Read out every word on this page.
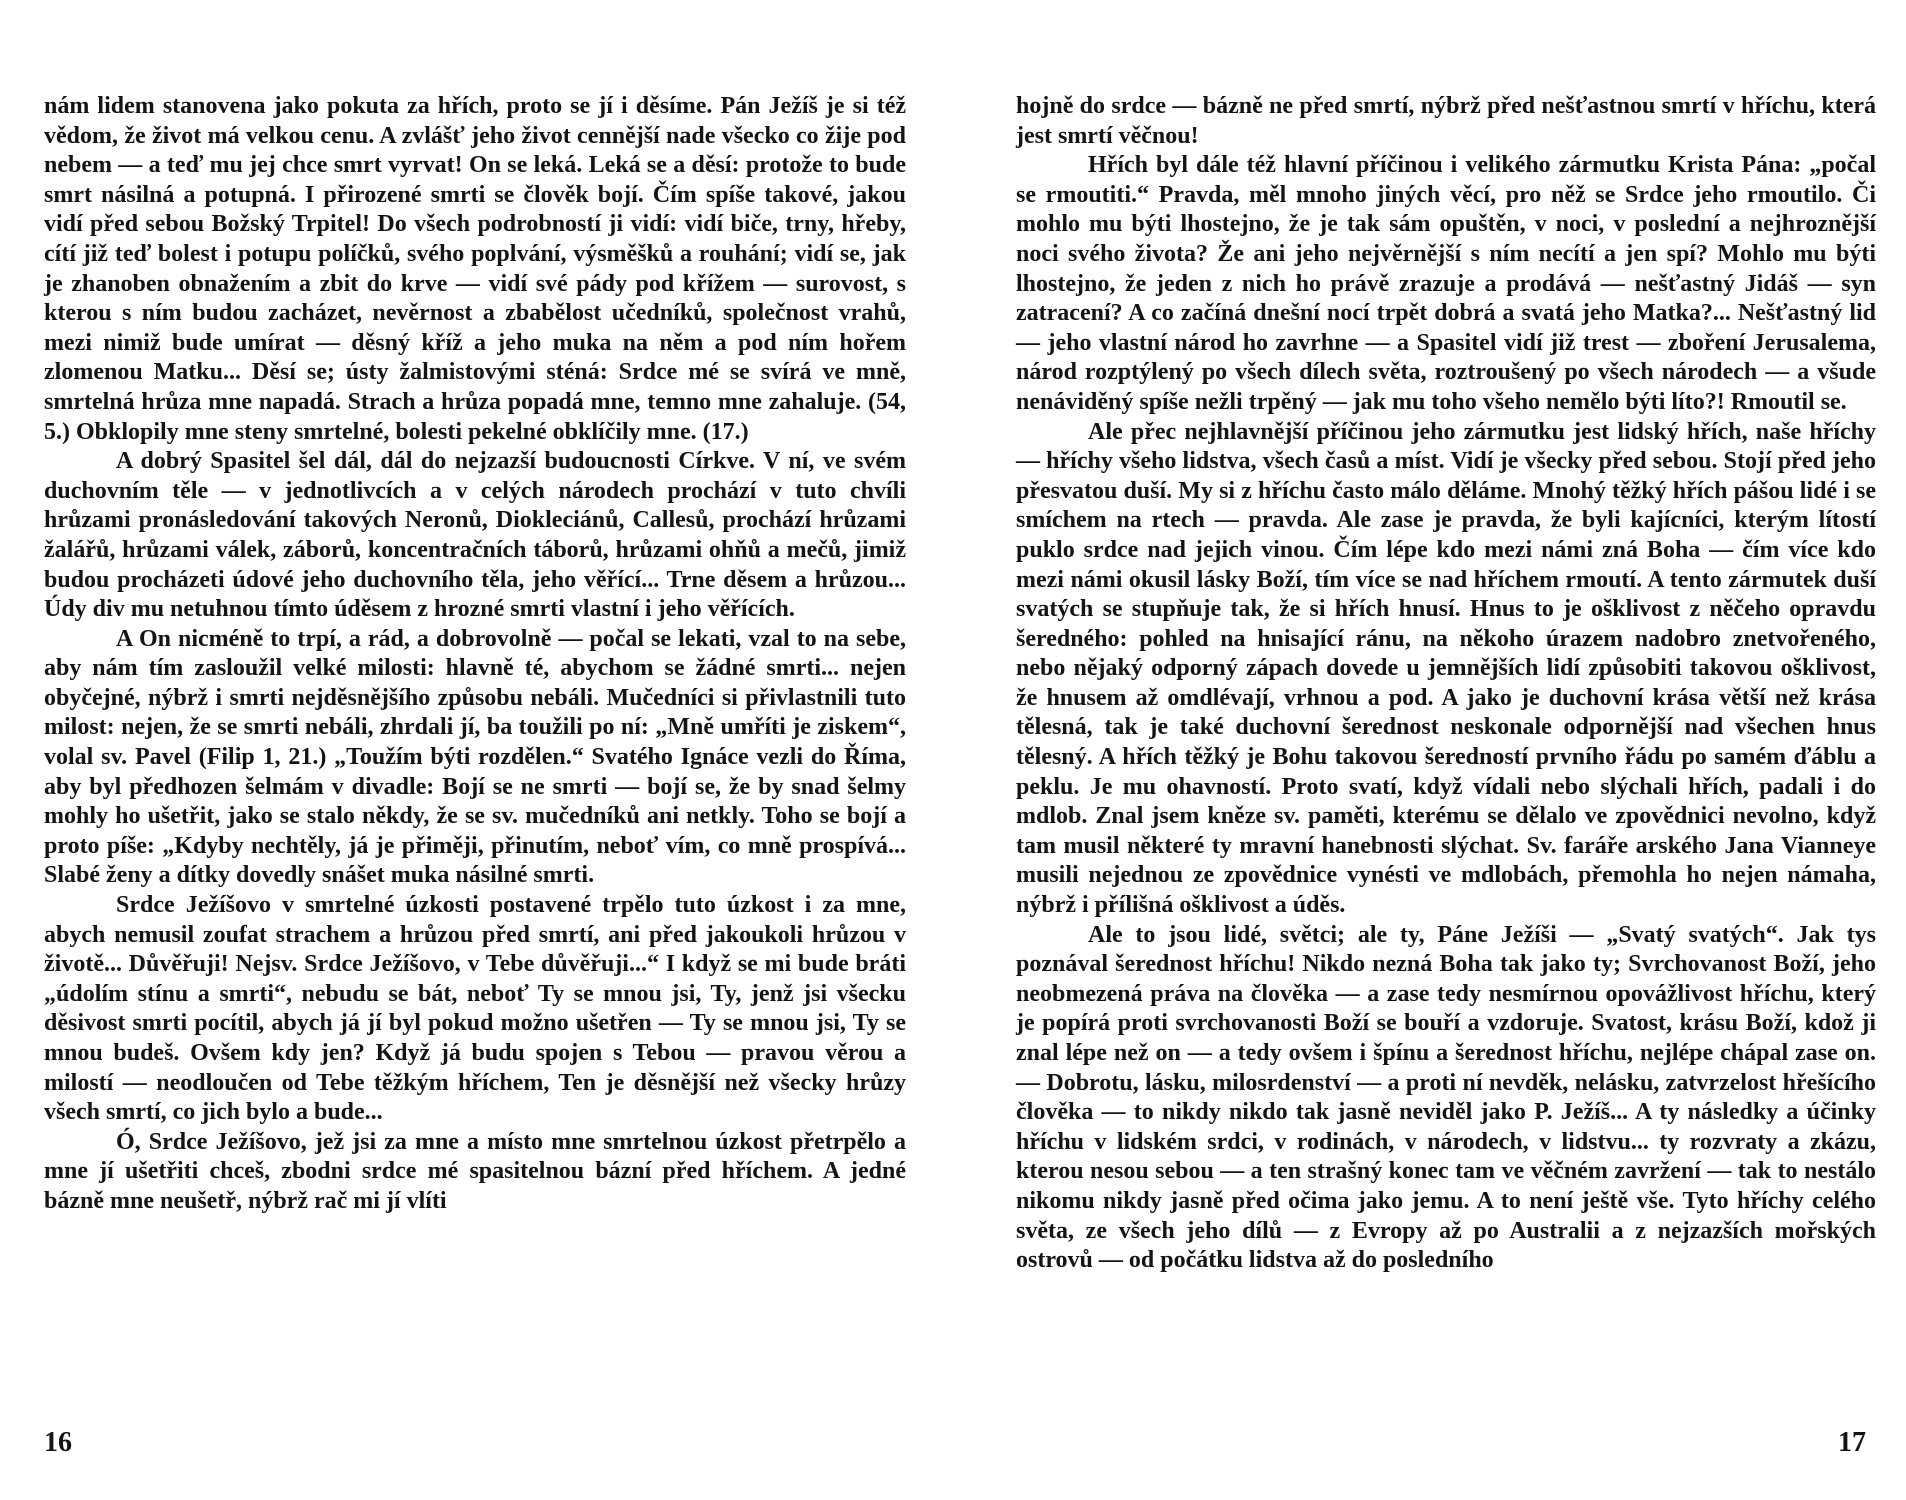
nám lidem stanovena jako pokuta za hřích, proto se jí i děsíme. Pán Ježíš je si též vědom, že život má velkou cenu. A zvlášť jeho život cennější nade všecko co žije pod nebem — a teď mu jej chce smrt vyrvat! On se leká. Leká se a děsí: protože to bude smrt násilná a potupná. I přirozené smrti se člověk bojí. Čím spíše takové, jakou vidí před sebou Božský Trpitel! Do všech podrobností ji vidí: vidí biče, trny, hřeby, cítí již teď bolest i potupu políčků, svého poplvání, výsměšků a rouhání; vidí se, jak je zhanoben obnažením a zbit do krve — vidí své pády pod křížem — surovost, s kterou s ním budou zacházet, nevěrnost a zbabělost učedníků, společnost vrahů, mezi nimiž bude umírat — děsný kříž a jeho muka na něm a pod ním hořem zlomenou Matku... Děsí se; ústy žalmistovými sténá: Srdce mé se svírá ve mně, smrtelná hrůza mne napadá. Strach a hrůza popadá mne, temno mne zahaluje. (54, 5.) Obklopily mne steny smrtelné, bolesti pekelné obklíčily mne. (17.)

A dobrý Spasitel šel dál, dál do nejzazší budoucnosti Církve. V ní, ve svém duchovním těle — v jednotlivcích a v celých národech prochází v tuto chvíli hrůzami pronásledování takových Neronů, Diokleciánů, Callesů, prochází hrůzami žalářů, hrůzami válek, záborů, koncentračních táborů, hrůzami ohňů a mečů, jimiž budou procházeti údové jeho duchovního těla, jeho věřící... Trne děsem a hrůzou... Údy div mu netuhnou tímto úděsem z hrozné smrti vlastní i jeho věřících.

A On nicméně to trpí, a rád, a dobrovolně — počal se lekati, vzal to na sebe, aby nám tím zasloužil velké milosti: hlavně té, abychom se žádné smrti... nejen obyčejné, nýbrž i smrti nejděsnějšího způsobu nebáli. Mučedníci si přivlastnili tuto milost: nejen, že se smrti nebáli, zhrdali jí, ba toužili po ní: „Mně umříti je ziskem“, volal sv. Pavel (Filip 1, 21.) „Toužím býti rozdělen.“ Svatého Ignáce vezli do Říma, aby byl předhozen šelmám v divadle: Bojí se ne smrti — bojí se, že by snad šelmy mohly ho ušetřit, jako se stalo někdy, že se sv. mučedníků ani netkly. Toho se bojí a proto píše: „Kdyby nechtěly, já je přiměji, přinutím, neboť vím, co mně prospívá... Slabé ženy a dítky dovedly snášet muka násilné smrti.

Srdce Ježíšovo v smrtelné úzkosti postavené trpělo tuto úzkost i za mne, abych nemusil zoufat strachem a hrůzou před smrtí, ani před jakoukoli hrůzou v životě... Důvěřuji! Nejsv. Srdce Ježíšovo, v Tebe důvěřuji...“ I když se mi bude bráti „údolím stínu a smrti“, nebudu se bát, neboť Ty se mnou jsi, Ty, jenž jsi všecku děsivost smrti pocítil, abych já jí byl pokud možno ušetřen — Ty se mnou jsi, Ty se mnou budeš. Ovšem kdy jen? Když já budu spojen s Tebou — pravou věrou a milostí — neodloučen od Tebe těžkým hříchem, Ten je děsnější než všecky hrůzy všech smrtí, co jich bylo a bude...

Ó, Srdce Ježíšovo, jež jsi za mne a místo mne smrtelnou úzkost přetrpělo a mne jí ušetřiti chceš, zbodni srdce mé spasitelnou bázní před hříchem. A jedné bázně mne neušetř, nýbrž rač mi jí vlíti

16

hojně do srdce — bázně ne před smrtí, nýbrž před nešťastnou smrtí v hříchu, která jest smrtí věčnou!

Hřích byl dále též hlavní příčinou i velikého zármutku Krista Pána: „počal se rmoutiti.“ Pravda, měl mnoho jiných věcí, pro něž se Srdce jeho rmoutilo. Či mohlo mu býti lhostejno, že je tak sám opuštěn, v noci, v poslední a nejhroznější noci svého života? Že ani jeho nejvěrnější s ním necítí a jen spí? Mohlo mu býti lhostejno, že jeden z nich ho právě zrazuje a prodává — nešťastný Jidáš — syn zatracení? A co začíná dnešní nocí trpět dobrá a svatá jeho Matka?... Nešťastný lid — jeho vlastní národ ho zavrhne — a Spasitel vidí již trest — zboření Jerusalema, národ rozptýlený po všech dílech světa, roztroušený po všech národech — a všude nenáviděný spíše nežli trpěný — jak mu toho všeho nemělo býti líto?! Rmoutil se.

Ale přec nejhlavnější příčinou jeho zármutku jest lidský hřích, naše hříchy — hříchy všeho lidstva, všech časů a míst. Vidí je všecky před sebou. Stojí před jeho přesvatou duší. My si z hříchu často málo děláme. Mnohý těžký hřích pášou lidé i se smíchem na rtech — pravda. Ale zase je pravda, že byli kajícníci, kterým lítostí puklo srdce nad jejich vinou. Čím lépe kdo mezi námi zná Boha — čím více kdo mezi námi okusil lásky Boží, tím více se nad hříchem rmoutí. A tento zármutek duší svatých se stupňuje tak, že si hřích hnusí. Hnus to je ošklivost z něčeho opravdu šeredného: pohled na hnisající ránu, na někoho úrazem nadobro znetvořeného, nebo nějaký odporný zápach dovede u jemnějších lidí způsobiti takovou ošklivost, že hnusem až omdlévají, vrhnou a pod. A jako je duchovní krása větší než krása tělesná, tak je také duchovní šerednost neskonale odpornější nad všechen hnus tělesný. A hřích těžký je Bohu takovou šeredností prvního řádu po samém ďáblu a peklu. Je mu ohavností. Proto svatí, když vídali nebo slýchali hřích, padali i do mdlob. Znal jsem kněze sv. paměti, kterému se dělalo ve zpovědnici nevolno, když tam musil některé ty mravní hanebnosti slýchat. Sv. faráře arského Jana Vianneye musili nejednou ze zpovědnice vynésti ve mdlobách, přemohla ho nejen námaha, nýbrž i přílišná ošklivost a úděs.

Ale to jsou lidé, světci; ale ty, Páne Ježíši — „Svatý svatých“. Jak tys poznával šerednost hříchu! Nikdo nezná Boha tak jako ty; Svrchovanost Boží, jeho neobmezená práva na člověka — a zase tedy nesmírnou opovážlivost hříchu, který je popírá proti svrchovanosti Boží se bouří a vzdoruje. Svatost, krásu Boží, kdož ji znal lépe než on — a tedy ovšem i špínu a šerednost hříchu, nejlépe chápal zase on. — Dobrotu, lásku, milosrdenství — a proti ní nevděk, nelásku, zatvrzelost hřešícího člověka — to nikdy nikdo tak jasně neviděl jako P. Ježíš... A ty následky a účinky hříchu v lidském srdci, v rodinách, v národech, v lidstvu... ty rozvraty a zkázu, kterou nesou sebou — a ten strašný konec tam ve věčném zavržení — tak to nestálo nikomu nikdy jasně před očima jako jemu. A to není ještě vše. Tyto hříchy celého světa, ze všech jeho dílů — z Evropy až po Australii a z nejzazších mořských ostrovů — od počátku lidstva až do posledního

17
